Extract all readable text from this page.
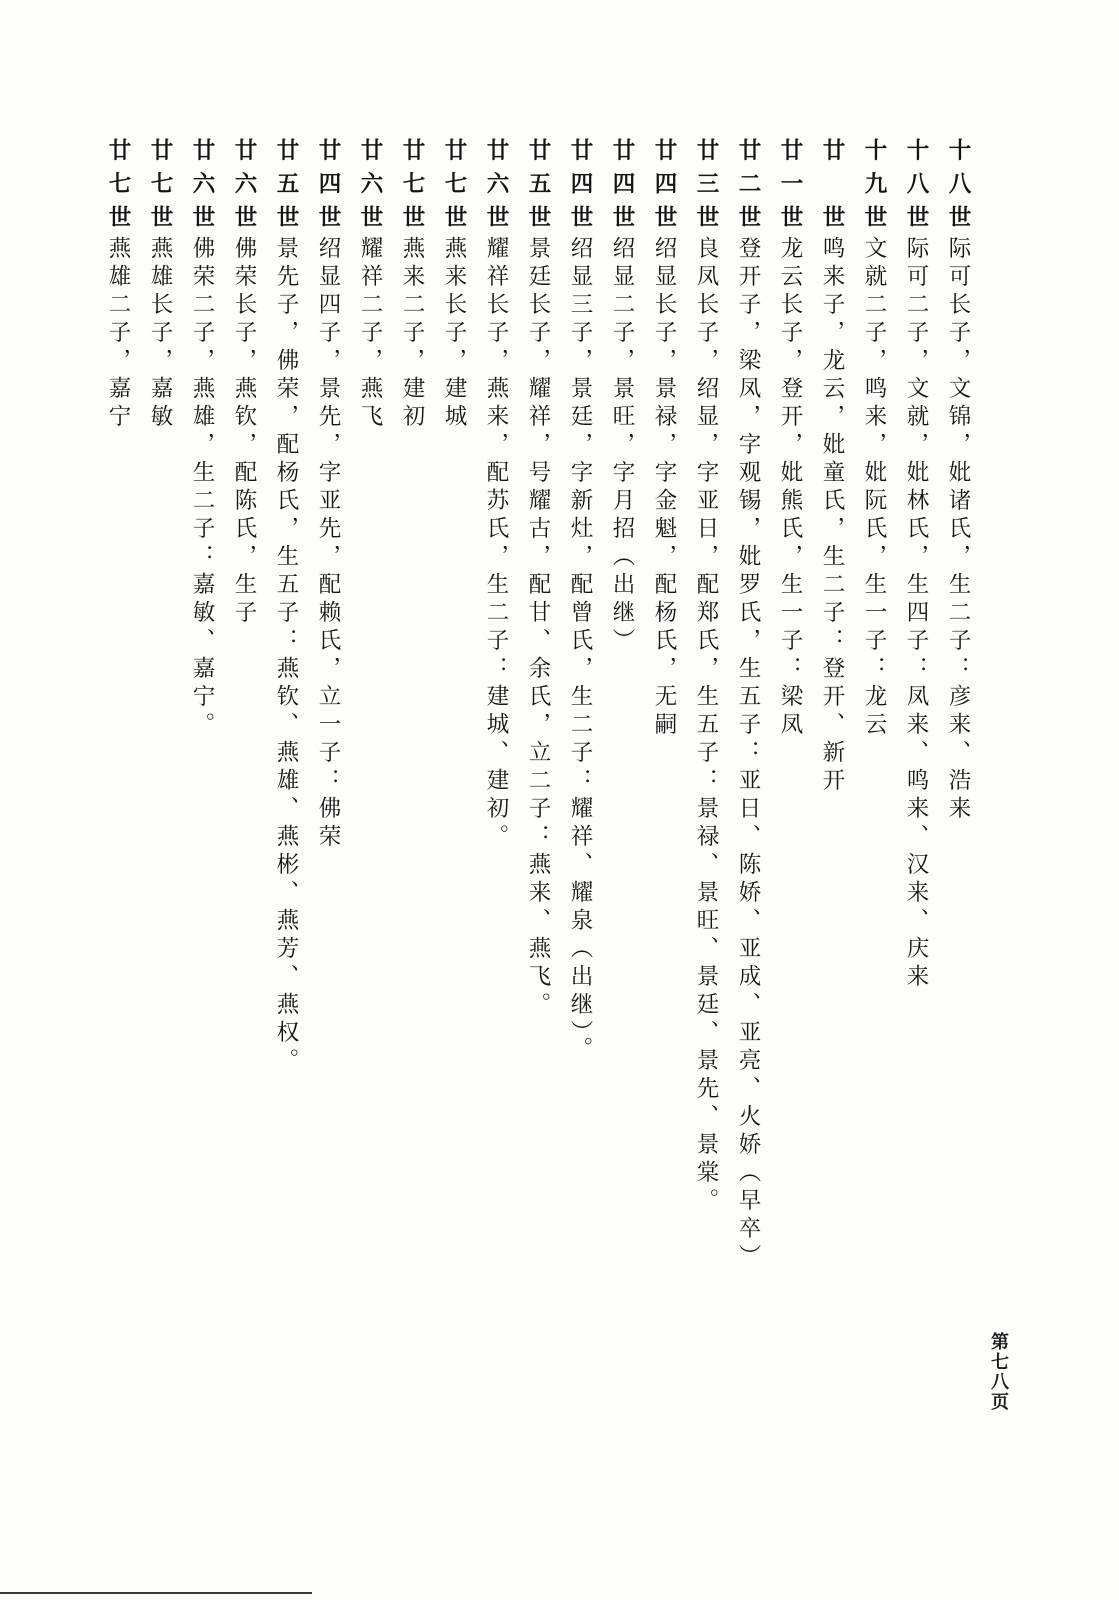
十八世
际可长子，文锦，妣诸氏，生二子：彦来、浩来
十八世
际可二子，文就，妣林氏，生四子：凤来、鸣来、汉来、庆来
十九世
文就二子，鸣来，妣阮氏，生一子：龙云
廿　世
鸣来子，龙云，妣童氏，生二子：登开、新开
廿一世
龙云长子，登开，妣熊氏，生一子：梁凤
廿二世
登开子，梁凤，字观锡，妣罗氏，生五子：亚日、陈娇、亚成、亚亮、火娇（早卒）
廿三世
良凤长子，绍显，字亚日，配郑氏，生五子：景禄、景旺、景廷、景先、景棠。
廿四世
绍显长子，景禄，字金魁，配杨氏，无嗣
廿四世
绍显二子，景旺，字月招（出继）
廿四世
绍显三子，景廷，字新灶，配曾氏，生二子：耀祥、耀泉（出继）。
廿五世
景廷长子，耀祥，号耀古，配甘、余氏，立二子：燕来、燕飞。
廿六世
耀祥长子，燕来，配苏氏，生二子：建城、建初。
廿七世
燕来长子，建城
廿七世
燕来二子，建初
廿六世
耀祥二子，燕飞
廿四世
绍显四子，景先，字亚先，配赖氏，立一子：佛荣
廿五世
景先子，佛荣，配杨氏，生五子：燕钦、燕雄、燕彬、燕芳、燕权。
廿六世
佛荣长子，燕钦，配陈氏，生子
廿六世
佛荣二子，燕雄，生二子：嘉敏、嘉宁。
廿七世
燕雄长子，嘉敏
廿七世
燕雄二子，嘉宁
第七八页
